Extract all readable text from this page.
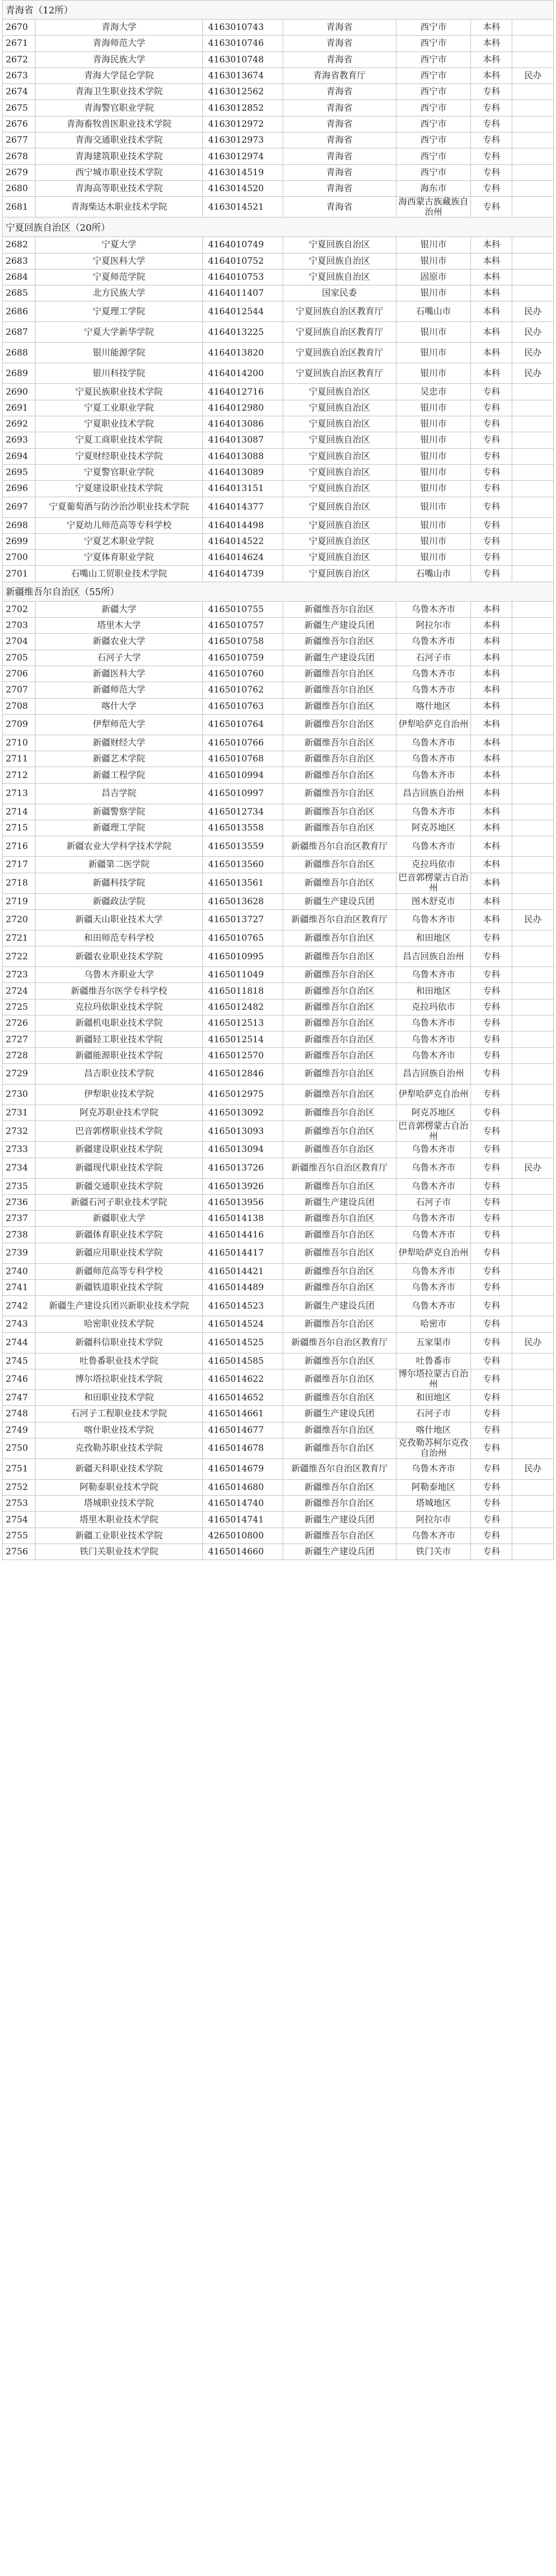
青海省（12所）
2670	青海大学	4163010743	青海省	西宁市	本科
2671	青海师范大学	4163010746	青海省	西宁市	本科
2672	青海民族大学	4163010748	青海省	西宁市	本科
2673	青海大学昆仑学院	4163013674	青海省教育厅	西宁市	本科	民办
2674	青海卫生职业技术学院	4163012562	青海省	西宁市	专科
2675	青海警官职业学院	4163012852	青海省	西宁市	专科
2676	青海畜牧兽医职业技术学院	4163012972	青海省	西宁市	专科
2677	青海交通职业技术学院	4163012973	青海省	西宁市	专科
2678	青海建筑职业技术学院	4163012974	青海省	西宁市	专科
2679	西宁城市职业技术学院	4163014519	青海省	西宁市	专科
2680	青海高等职业技术学院	4163014520	青海省	海东市	专科
2681	青海柴达木职业技术学院	4163014521	青海省	海西蒙古族藏族自治州	专科
宁夏回族自治区（20所）
2682	宁夏大学	4164010749	宁夏回族自治区	银川市	本科
2683	宁夏医科大学	4164010752	宁夏回族自治区	银川市	本科
2684	宁夏师范学院	4164010753	宁夏回族自治区	固原市	本科
2685	北方民族大学	4164011407	国家民委	银川市	本科
2686	宁夏理工学院	4164012544	宁夏回族自治区教育厅	石嘴山市	本科	民办
2687	宁夏大学新华学院	4164013225	宁夏回族自治区教育厅	银川市	本科	民办
2688	银川能源学院	4164013820	宁夏回族自治区教育厅	银川市	本科	民办
2689	银川科技学院	4164014200	宁夏回族自治区教育厅	银川市	本科	民办
2690	宁夏民族职业技术学院	4164012716	宁夏回族自治区	吴忠市	专科
2691	宁夏工业职业学院	4164012980	宁夏回族自治区	银川市	专科
2692	宁夏职业技术学院	4164013086	宁夏回族自治区	银川市	专科
2693	宁夏工商职业技术学院	4164013087	宁夏回族自治区	银川市	专科
2694	宁夏财经职业技术学院	4164013088	宁夏回族自治区	银川市	专科
2695	宁夏警官职业学院	4164013089	宁夏回族自治区	银川市	专科
2696	宁夏建设职业技术学院	4164013151	宁夏回族自治区	银川市	专科
2697	宁夏葡萄酒与防沙治沙职业技术学院	4164014377	宁夏回族自治区	银川市	专科
2698	宁夏幼儿师范高等专科学校	4164014498	宁夏回族自治区	银川市	专科
2699	宁夏艺术职业学院	4164014522	宁夏回族自治区	银川市	专科
2700	宁夏体育职业学院	4164014624	宁夏回族自治区	银川市	专科
2701	石嘴山工贸职业技术学院	4164014739	宁夏回族自治区	石嘴山市	专科
新疆维吾尔自治区（55所）
2702	新疆大学	4165010755	新疆维吾尔自治区	乌鲁木齐市	本科
2703	塔里木大学	4165010757	新疆生产建设兵团	阿拉尔市	本科
2704	新疆农业大学	4165010758	新疆维吾尔自治区	乌鲁木齐市	本科
2705	石河子大学	4165010759	新疆生产建设兵团	石河子市	本科
2706	新疆医科大学	4165010760	新疆维吾尔自治区	乌鲁木齐市	本科
2707	新疆师范大学	4165010762	新疆维吾尔自治区	乌鲁木齐市	本科
2708	喀什大学	4165010763	新疆维吾尔自治区	喀什地区	本科
2709	伊犁师范大学	4165010764	新疆维吾尔自治区	伊犁哈萨克自治州	本科
2710	新疆财经大学	4165010766	新疆维吾尔自治区	乌鲁木齐市	本科
2711	新疆艺术学院	4165010768	新疆维吾尔自治区	乌鲁木齐市	本科
2712	新疆工程学院	4165010994	新疆维吾尔自治区	乌鲁木齐市	本科
2713	昌吉学院	4165010997	新疆维吾尔自治区	昌吉回族自治州	本科
2714	新疆警察学院	4165012734	新疆维吾尔自治区	乌鲁木齐市	本科
2715	新疆理工学院	4165013558	新疆维吾尔自治区	阿克苏地区	本科
2716	新疆农业大学科学技术学院	4165013559	新疆维吾尔自治区教育厅	乌鲁木齐市	本科
2717	新疆第二医学院	4165013560	新疆维吾尔自治区	克拉玛依市	本科
2718	新疆科技学院	4165013561	新疆维吾尔自治区	巴音郭楞蒙古自治州	本科
2719	新疆政法学院	4165013628	新疆生产建设兵团	图木舒克市	本科
2720	新疆天山职业技术大学	4165013727	新疆维吾尔自治区教育厅	乌鲁木齐市	本科	民办
2721	和田师范专科学校	4165010765	新疆维吾尔自治区	和田地区	专科
2722	新疆农业职业技术学院	4165010995	新疆维吾尔自治区	昌吉回族自治州	专科
2723	乌鲁木齐职业大学	4165011049	新疆维吾尔自治区	乌鲁木齐市	专科
2724	新疆维吾尔医学专科学校	4165011818	新疆维吾尔自治区	和田地区	专科
2725	克拉玛依职业技术学院	4165012482	新疆维吾尔自治区	克拉玛依市	专科
2726	新疆机电职业技术学院	4165012513	新疆维吾尔自治区	乌鲁木齐市	专科
2727	新疆轻工职业技术学院	4165012514	新疆维吾尔自治区	乌鲁木齐市	专科
2728	新疆能源职业技术学院	4165012570	新疆维吾尔自治区	乌鲁木齐市	专科
2729	昌吉职业技术学院	4165012846	新疆维吾尔自治区	昌吉回族自治州	专科
2730	伊犁职业技术学院	4165012975	新疆维吾尔自治区	伊犁哈萨克自治州	专科
2731	阿克苏职业技术学院	4165013092	新疆维吾尔自治区	阿克苏地区	专科
2732	巴音郭楞职业技术学院	4165013093	新疆维吾尔自治区	巴音郭楞蒙古自治州	专科
2733	新疆建设职业技术学院	4165013094	新疆维吾尔自治区	乌鲁木齐市	专科
2734	新疆现代职业技术学院	4165013726	新疆维吾尔自治区教育厅	乌鲁木齐市	专科	民办
2735	新疆交通职业技术学院	4165013926	新疆维吾尔自治区	乌鲁木齐市	专科
2736	新疆石河子职业技术学院	4165013956	新疆生产建设兵团	石河子市	专科
2737	新疆职业大学	4165014138	新疆维吾尔自治区	乌鲁木齐市	专科
2738	新疆体育职业技术学院	4165014416	新疆维吾尔自治区	乌鲁木齐市	专科
2739	新疆应用职业技术学院	4165014417	新疆维吾尔自治区	伊犁哈萨克自治州	专科
2740	新疆师范高等专科学校	4165014421	新疆维吾尔自治区	乌鲁木齐市	专科
2741	新疆铁道职业技术学院	4165014489	新疆维吾尔自治区	乌鲁木齐市	专科
2742	新疆生产建设兵团兴新职业技术学院	4165014523	新疆生产建设兵团	乌鲁木齐市	专科
2743	哈密职业技术学院	4165014524	新疆维吾尔自治区	哈密市	专科
2744	新疆科信职业技术学院	4165014525	新疆维吾尔自治区教育厅	五家渠市	专科	民办
2745	吐鲁番职业技术学院	4165014585	新疆维吾尔自治区	吐鲁番市	专科
2746	博尔塔拉职业技术学院	4165014622	新疆维吾尔自治区	博尔塔拉蒙古自治州	专科
2747	和田职业技术学院	4165014652	新疆维吾尔自治区	和田地区	专科
2748	石河子工程职业技术学院	4165014661	新疆生产建设兵团	石河子市	专科
2749	喀什职业技术学院	4165014677	新疆维吾尔自治区	喀什地区	专科
2750	克孜勒苏职业技术学院	4165014678	新疆维吾尔自治区	克孜勒苏柯尔克孜自治州	专科
2751	新疆天科职业技术学院	4165014679	新疆维吾尔自治区教育厅	乌鲁木齐市	专科	民办
2752	阿勒泰职业技术学院	4165014680	新疆维吾尔自治区	阿勒泰地区	专科
2753	塔城职业技术学院	4165014740	新疆维吾尔自治区	塔城地区	专科
2754	塔里木职业技术学院	4165014741	新疆生产建设兵团	阿拉尔市	专科
2755	新疆工业职业技术学院	4265010800	新疆维吾尔自治区	乌鲁木齐市	专科
2756	铁门关职业技术学院	4165014660	新疆生产建设兵团	铁门关市	专科
